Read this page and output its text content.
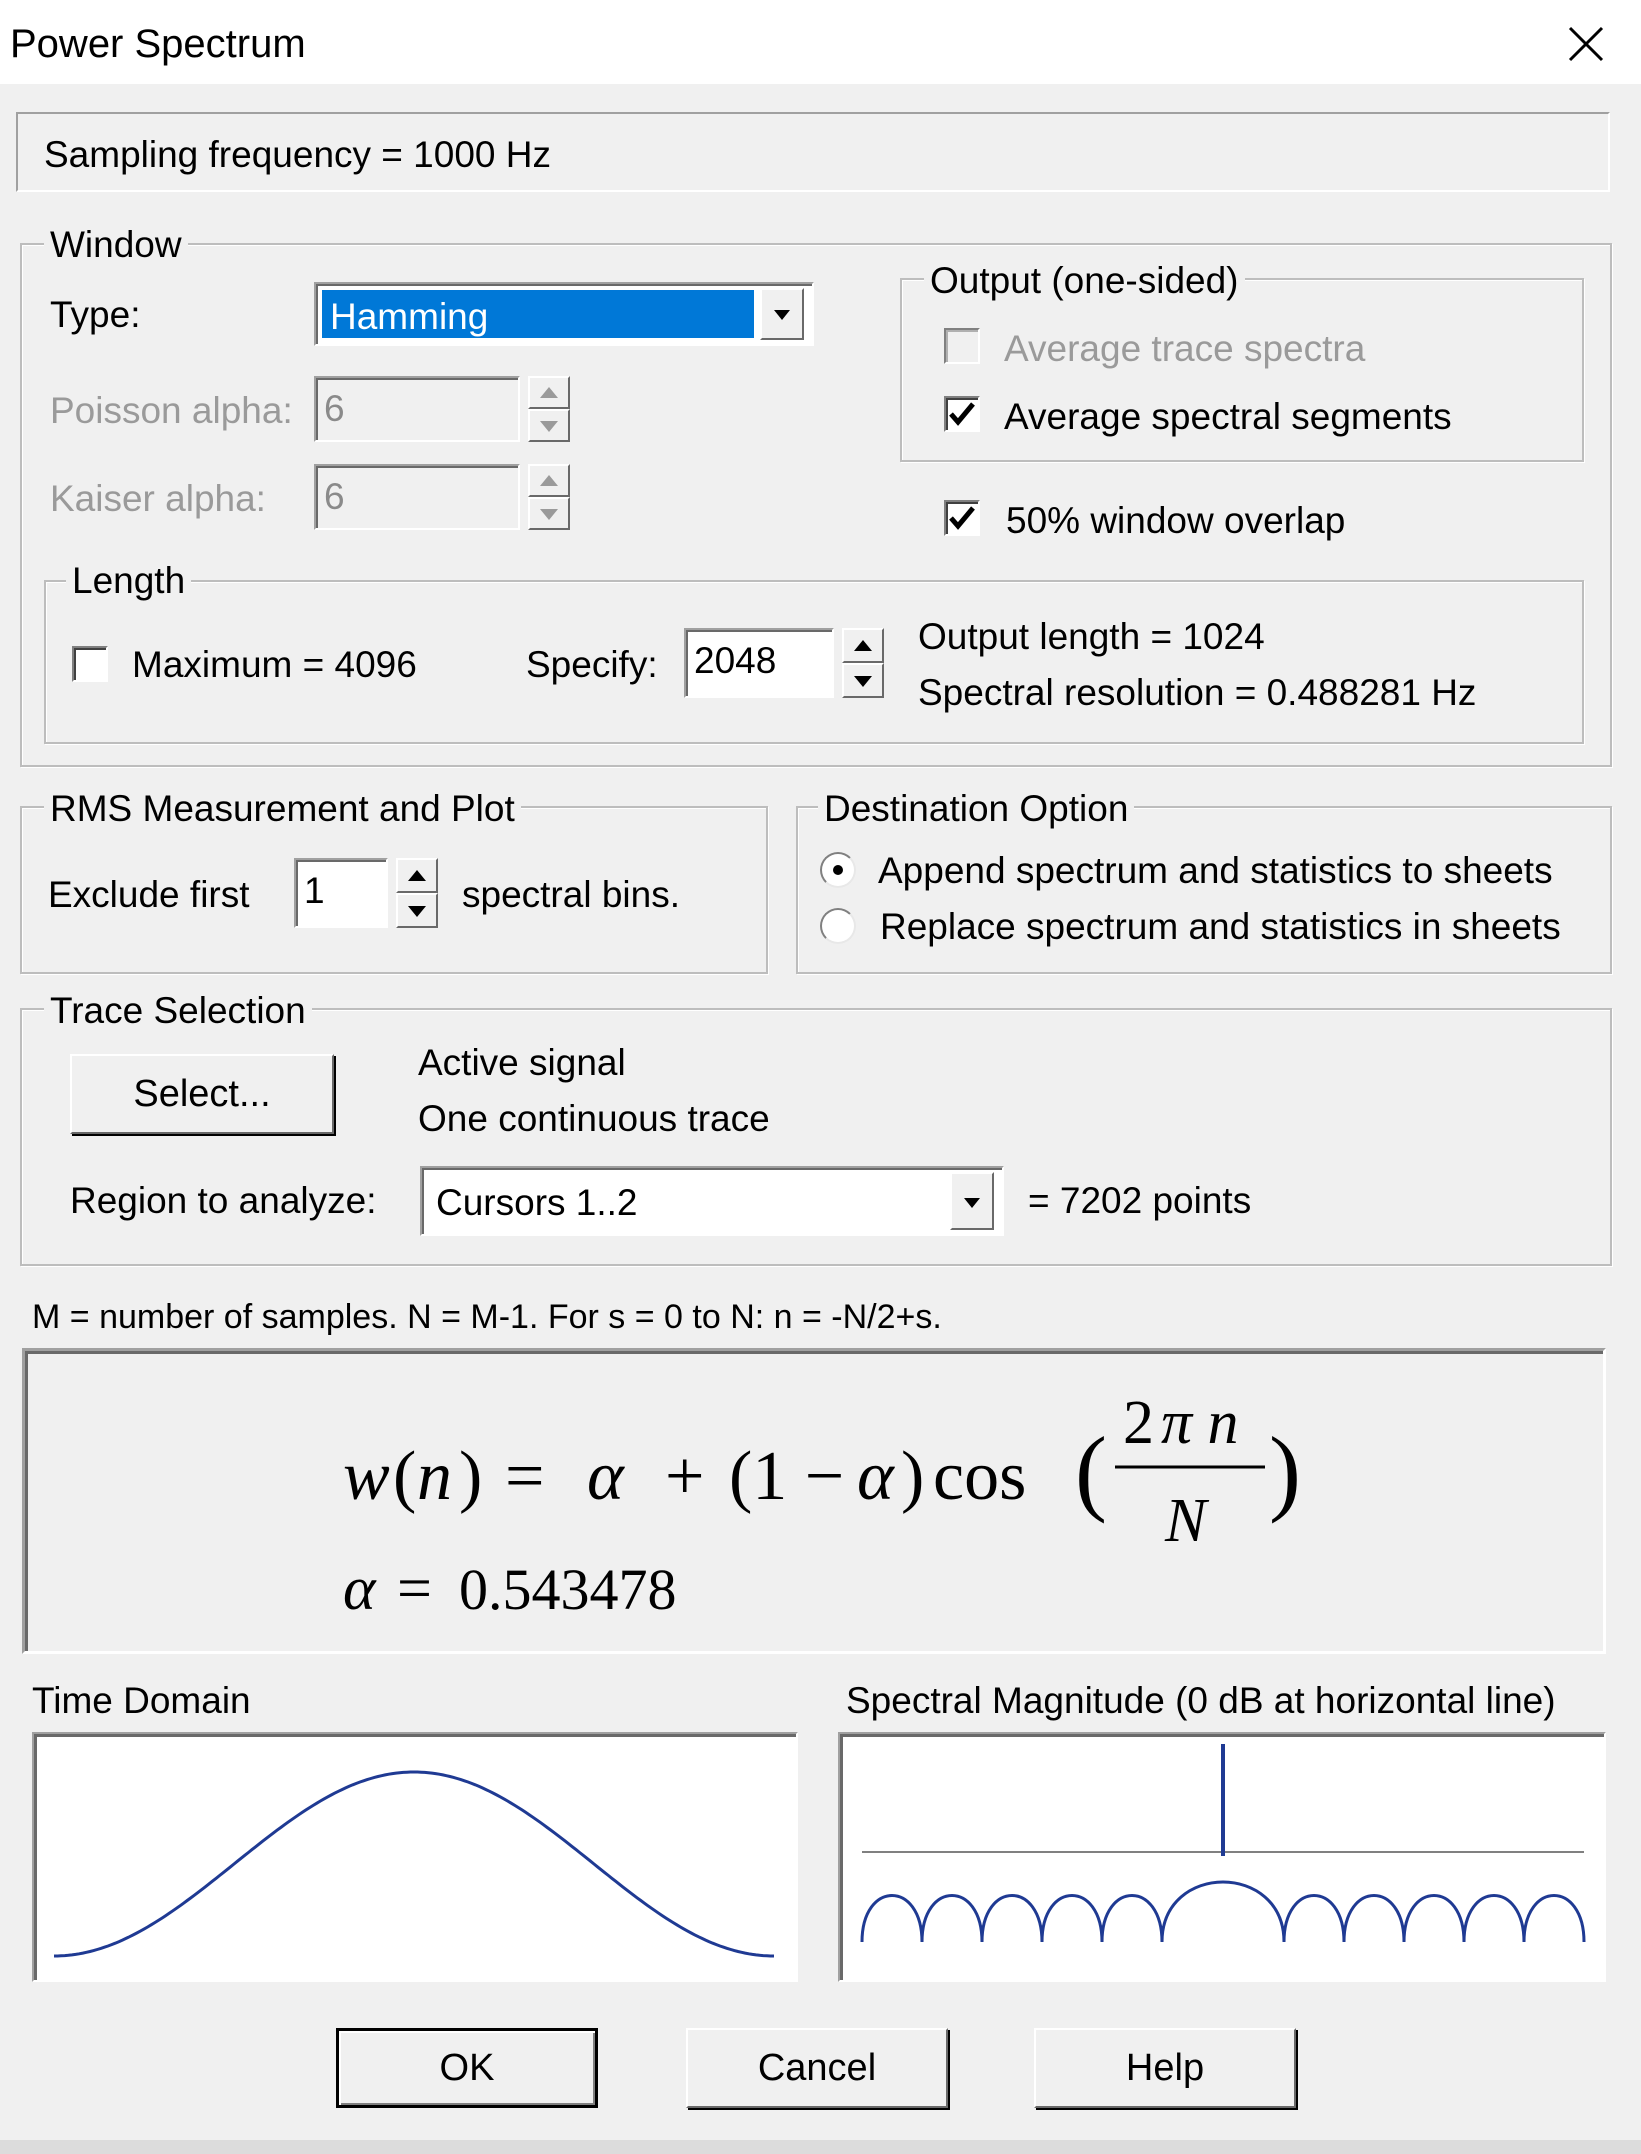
Power Spectrum
Sampling frequency = 1000 Hz
Window
Type:	Hamming
Poisson alpha: 6
Kaiser alpha: 6
Output (one-sided)
Average trace spectra
Average spectral segments
50% window overlap
Length
Maximum = 4096	Specify: 2048
Output length = 1024
Spectral resolution = 0.488281 Hz
RMS Measurement and Plot
Exclude first 1	spectral bins.
Destination Option
Append spectrum and statistics to sheets
Replace spectrum and statistics in sheets
Trace Selection
Select...
Active signal
One continuous trace
Region to analyze: Cursors 1..2	= 7202 points
M = number of samples. N = M-1. For s = 0 to N: n = -N/2+s.
w ( n ) = α + (1 − α ) cos ( 2 π n
N )
α = 0.543478
Time Domain	Spectral Magnitude (0 dB at horizontal line)
OK	Cancel	Help
